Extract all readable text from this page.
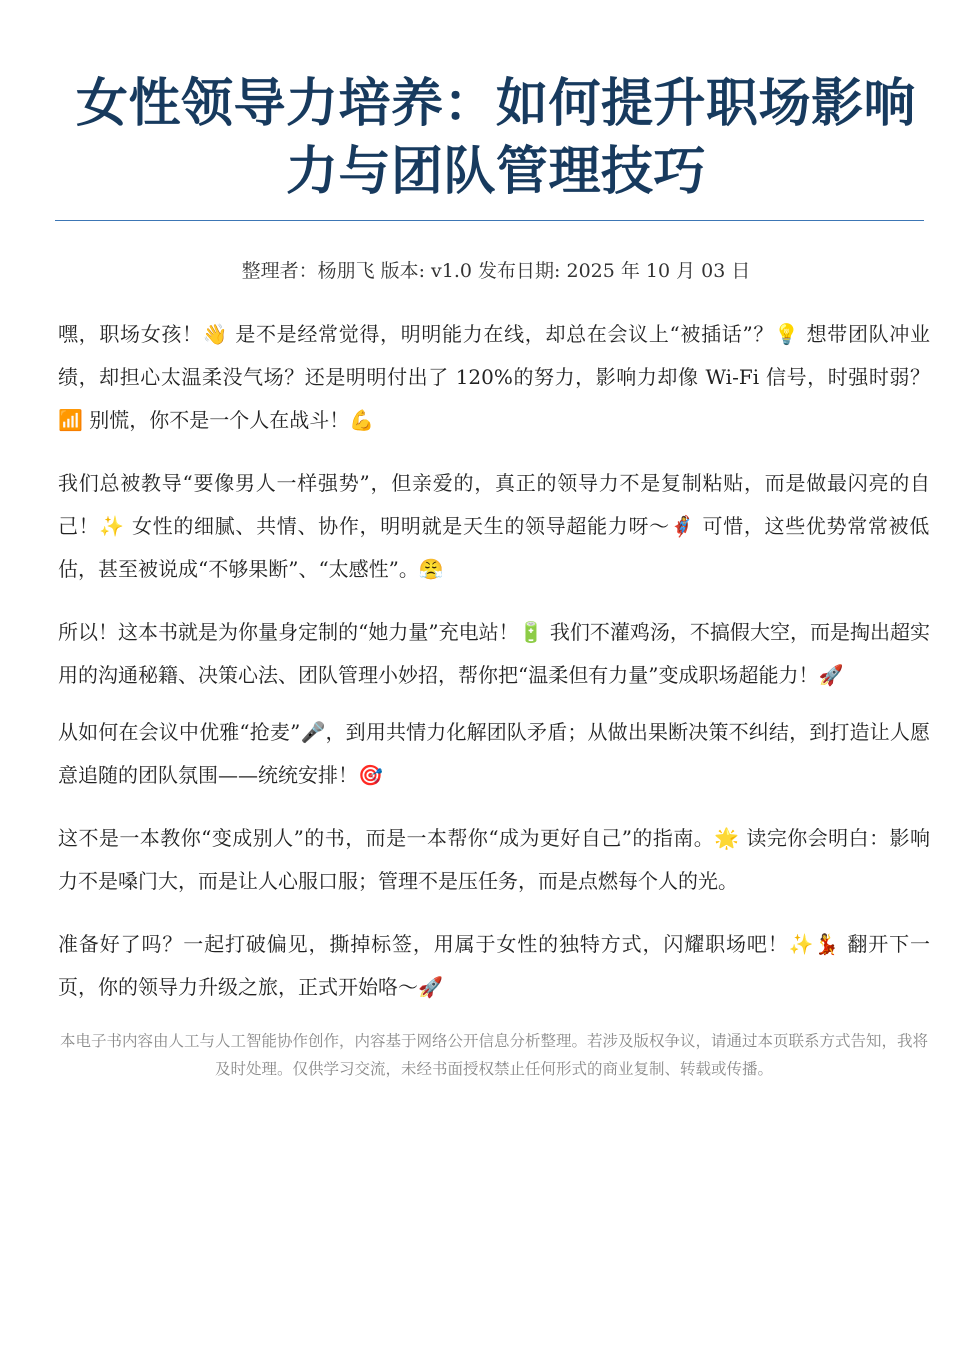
女性领导力培养：如何提升职场影响力与团队管理技巧
整理者：杨朋飞 版本: v1.0 发布日期: 2025 年 10 月 03 日

嘿，职场女孩！👋 是不是经常觉得，明明能力在线，却总在会议上“被插话”？💡 想带团队冲业绩，却担心太温柔没气场？还是明明付出了 120%的努力，影响力却像 Wi-Fi 信号，时强时弱？📶 别慌，你不是一个人在战斗！💪

我们总被教导“要像男人一样强势”，但亲爱的，真正的领导力不是复制粘贴，而是做最闪亮的自己！✨ 女性的细腻、共情、协作，明明就是天生的领导超能力呀～🦸‍♀️ 可惜，这些优势常常被低估，甚至被说成“不够果断”、“太感性”。😤

所以！这本书就是为你量身定制的“她力量”充电站！🔋 我们不灌鸡汤，不搞假大空，而是掏出超实用的沟通秘籍、决策心法、团队管理小妙招，帮你把“温柔但有力量”变成职场超能力！🚀

从如何在会议中优雅“抢麦”🎤，到用共情力化解团队矛盾；从做出果断决策不纠结，到打造让人愿意追随的团队氛围——统统安排！🎯

这不是一本教你“变成别人”的书，而是一本帮你“成为更好自己”的指南。🌟 读完你会明白：影响力不是嗓门大，而是让人心服口服；管理不是压任务，而是点燃每个人的光。

准备好了吗？一起打破偏见，撕掉标签，用属于女性的独特方式，闪耀职场吧！✨💃 翻开下一页，你的领导力升级之旅，正式开始咯～🚀

本电子书内容由人工与人工智能协作创作，内容基于网络公开信息分析整理。若涉及版权争议，请通过本页联系方式告知，我将及时处理。仅供学习交流，未经书面授权禁止任何形式的商业复制、转载或传播。
